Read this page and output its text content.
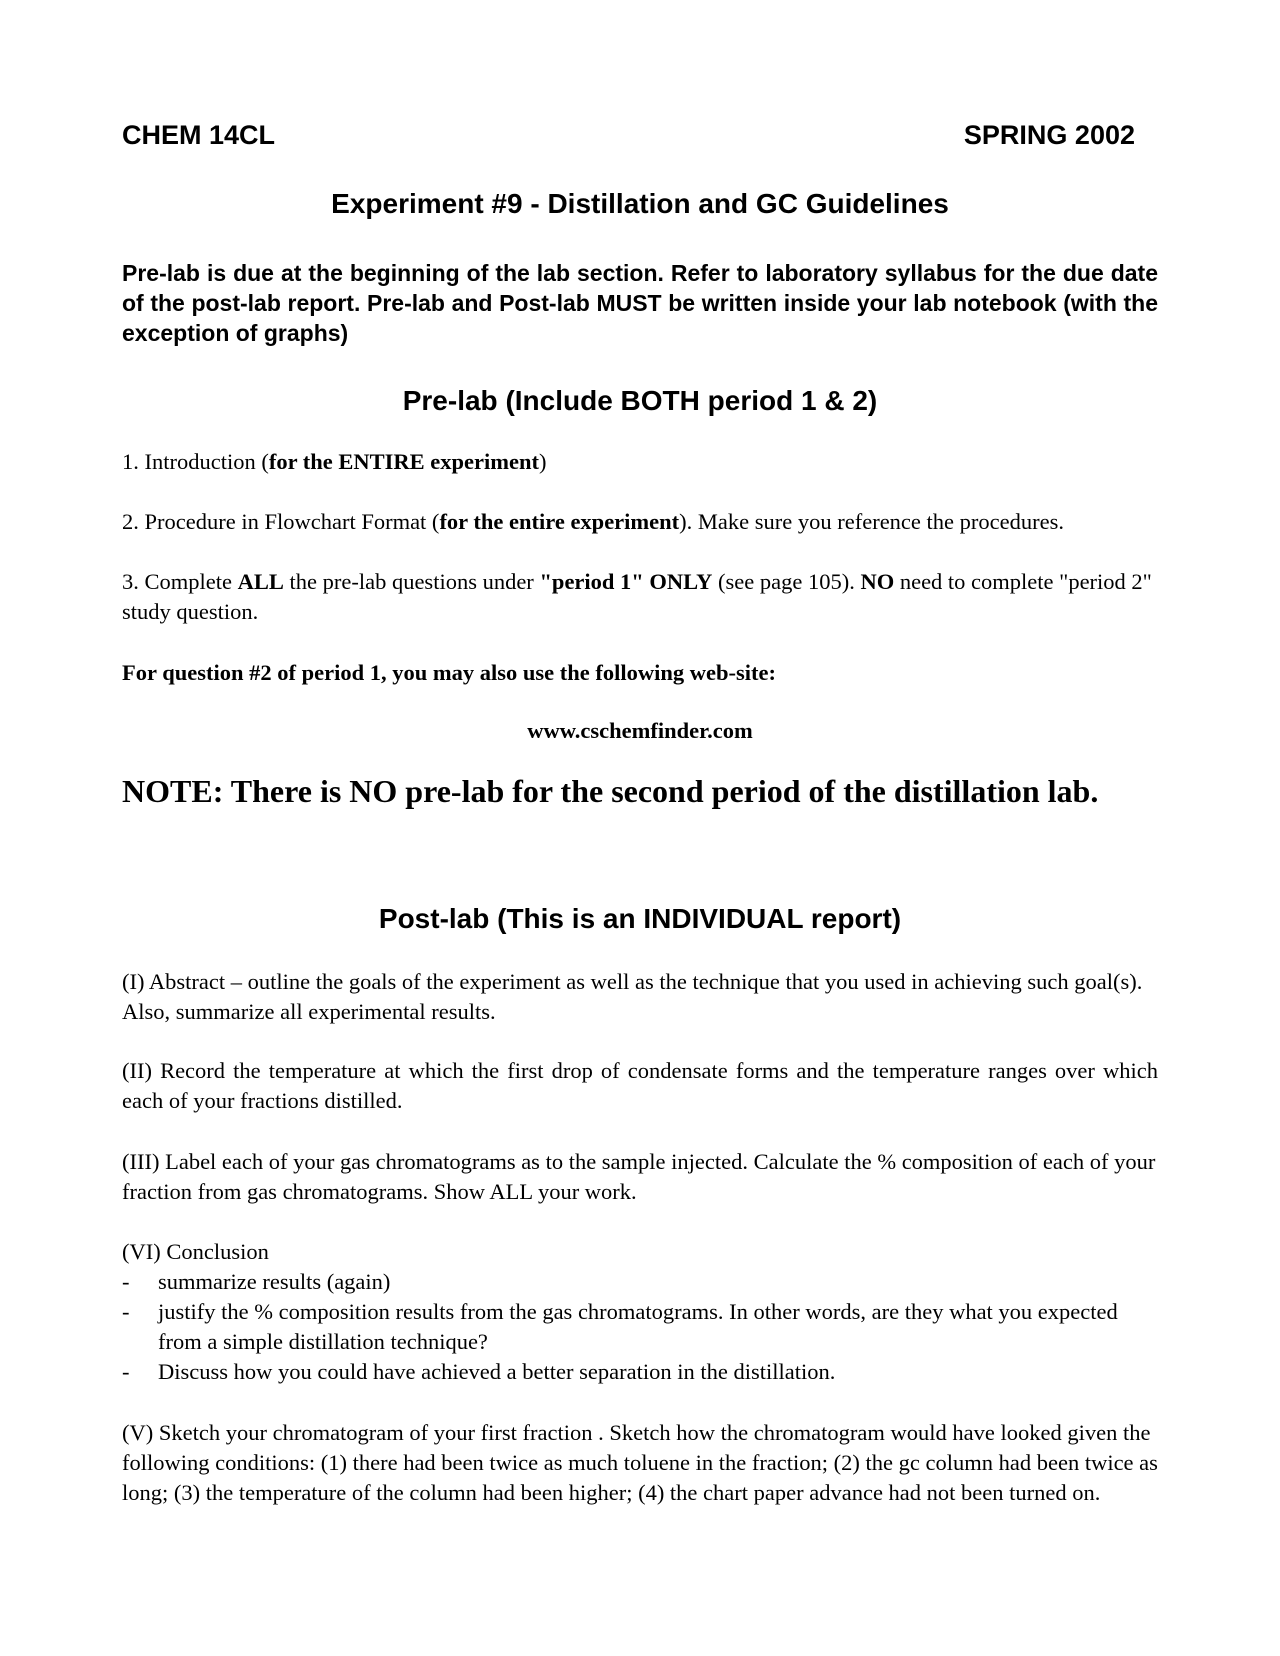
CHEM 14CL	SPRING 2002
Experiment #9 - Distillation and GC Guidelines

Pre-lab is due at the beginning of the lab section. Refer to laboratory syllabus for the due date of the post-lab report. Pre-lab and Post-lab MUST be written inside your lab notebook (with the exception of graphs)

Pre-lab (Include BOTH period 1 & 2)

1. Introduction (for the ENTIRE experiment)

2. Procedure in Flowchart Format (for the entire experiment). Make sure you reference the procedures.

3. Complete ALL the pre-lab questions under "period 1" ONLY (see page 105). NO need to complete "period 2" study question.

For question #2 of period 1, you may also use the following web-site:

www.cschemfinder.com
NOTE: There is NO pre-lab for the second period of the distillation lab.
Post-lab (This is an INDIVIDUAL report)

(I) Abstract – outline the goals of the experiment as well as the technique that you used in achieving such goal(s). Also, summarize all experimental results.

(II) Record the temperature at which the first drop of condensate forms and the temperature ranges over which each of your fractions distilled.

(III) Label each of your gas chromatograms as to the sample injected. Calculate the % composition of each of your fraction from gas chromatograms. Show ALL your work.

(VI) Conclusion

- summarize results (again)
- justify the % composition results from the gas chromatograms. In other words, are they what you expected from a simple distillation technique?
- Discuss how you could have achieved a better separation in the distillation.

(V) Sketch your chromatogram of your first fraction . Sketch how the chromatogram would have looked given the following conditions: (1) there had been twice as much toluene in the fraction; (2) the gc column had been twice as long; (3) the temperature of the column had been higher; (4) the chart paper advance had not been turned on.
